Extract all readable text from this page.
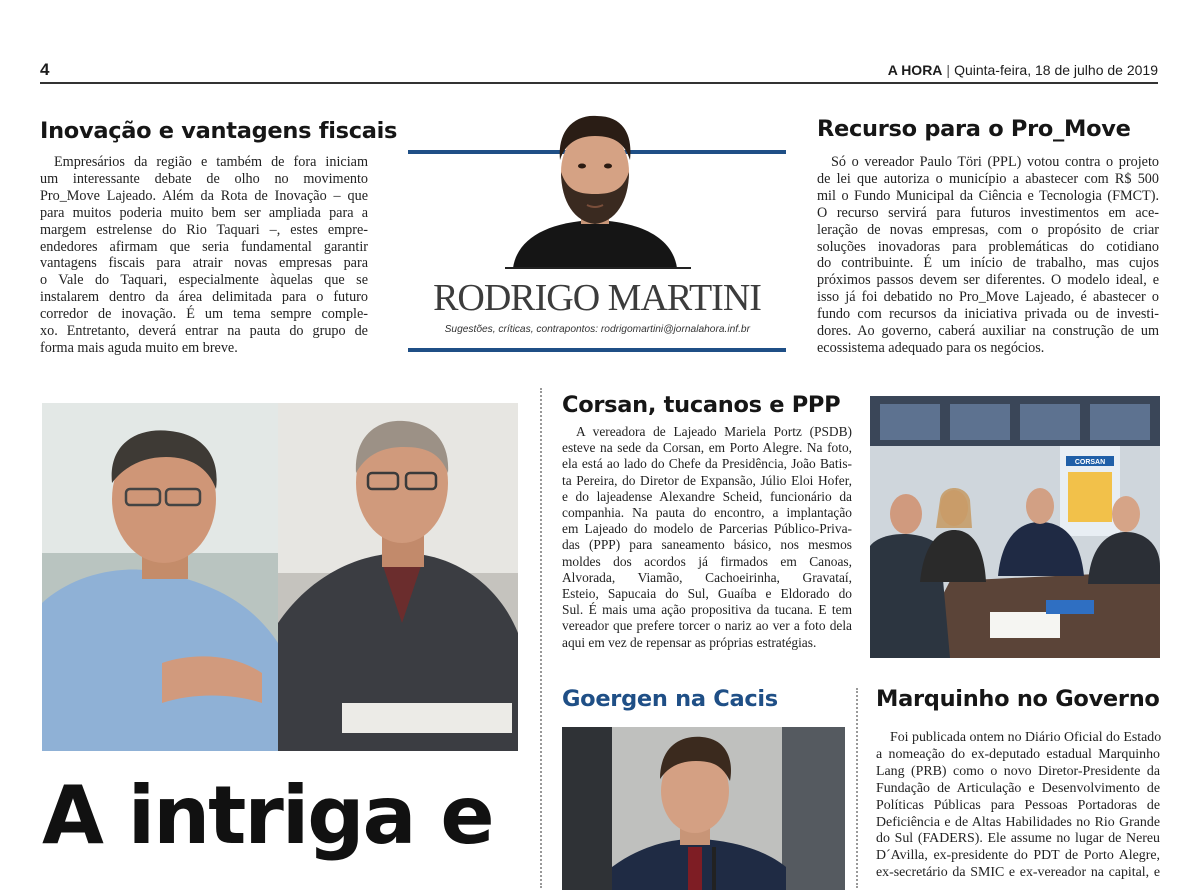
4	A HORA | Quinta-feira, 18 de julho de 2019
Inovação e vantagens fiscais

Empresários da região e também de fora iniciam

um interessante debate de olho no movimento
Pro_Move Lajeado. Além da Rota de Inovação – que
para muitos poderia muito bem ser ampliada para a
margem estrelense do Rio Taquari –, estes empre-
endedores afirmam que seria fundamental garantir
vantagens fiscais para atrair novas empresas para
o Vale do Taquari, especialmente àquelas que se
instalarem dentro da área delimitada para o futuro
corredor de inovação. É um tema sempre comple-
xo. Entretanto, deverá entrar na pauta do grupo de
forma mais aguda muito em breve.
RODRIGO MARTINI
Sugestões, críticas, contrapontos: rodrigomartini@jornalahora.inf.br
Recurso para o Pro_Move

Só o vereador Paulo Töri (PPL) votou contra o projeto

de lei que autoriza o município a abastecer com R$ 500
mil o Fundo Municipal da Ciência e Tecnologia (FMCT).
O recurso servirá para futuros investimentos em ace-
leração de novas empresas, com o propósito de criar
soluções inovadoras para problemáticas do cotidiano
do contribuinte. É um início de trabalho, mas cujos
próximos passos devem ser diferentes. O modelo ideal, e
isso já foi debatido no Pro_Move Lajeado, é abastecer o
fundo com recursos da iniciativa privada ou de investi-
dores. Ao governo, caberá auxiliar na construção de um
ecossistema adequado para os negócios.
A intriga e
Corsan, tucanos e PPP

A vereadora de Lajeado Mariela Portz (PSDB)

esteve na sede da Corsan, em Porto Alegre. Na foto,
ela está ao lado do Chefe da Presidência, João Batis-
ta Pereira, do Diretor de Expansão, Júlio Eloi Hofer,
e do lajeadense Alexandre Scheid, funcionário da
companhia. Na pauta do encontro, a implantação
em Lajeado do modelo de Parcerias Público-Priva-
das (PPP) para saneamento básico, nos mesmos
moldes dos acordos já firmados em Canoas,
Alvorada, Viamão, Cachoeirinha, Gravataí,
Esteio, Sapucaia do Sul, Guaíba e Eldorado do
Sul. É mais uma ação propositiva da tucana. E tem
vereador que prefere torcer o nariz ao ver a foto dela
aqui em vez de repensar as próprias estratégias.
CORSAN
Goergen na Cacis	Marquinho no Governo

Foi publicada ontem no Diário Oficial do Estado

a nomeação do ex-deputado estadual Marquinho
Lang (PRB) como o novo Diretor-Presidente da
Fundação de Articulação e Desenvolvimento de
Políticas Públicas para Pessoas Portadoras de
Deficiência e de Altas Habilidades no Rio Grande
do Sul (FADERS). Ele assume no lugar de Nereu
D´Avilla, ex-presidente do PDT de Porto Alegre,
ex-secretário da SMIC e ex-vereador na capital, e
